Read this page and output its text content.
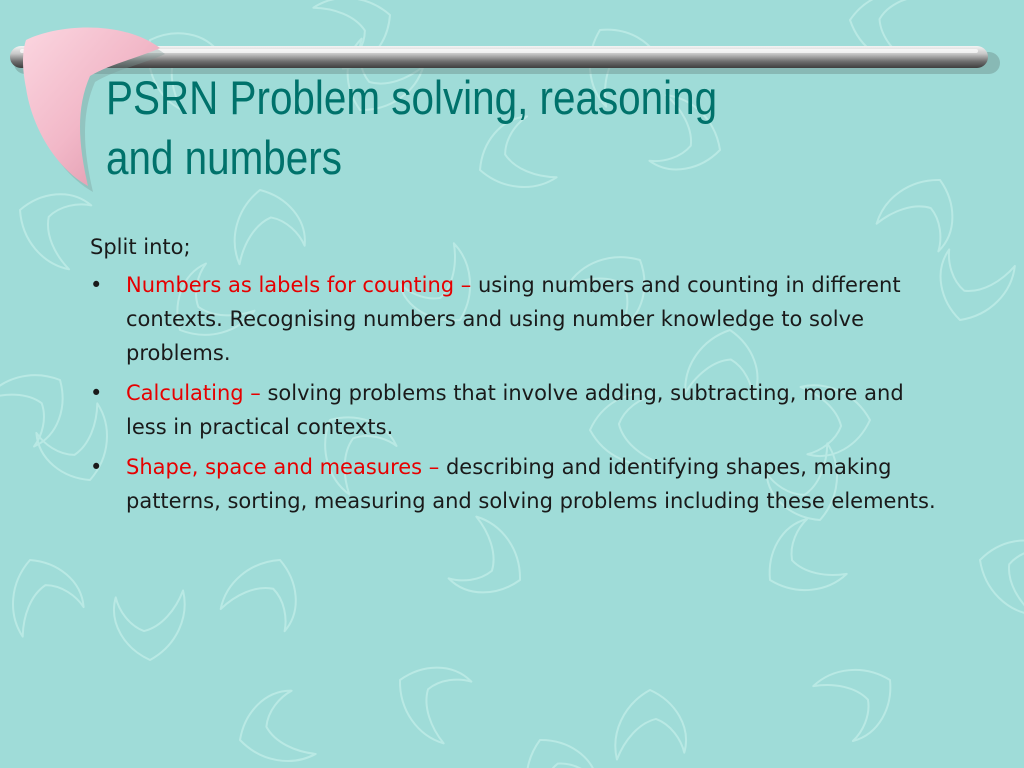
PSRN Problem solving, reasoning
and numbers

Split into;

•	Numbers as labels for counting – using numbers and counting in different contexts. Recognising numbers and using number knowledge to solve problems.
•	Calculating – solving problems that involve adding, subtracting, more and less in practical contexts.
•	Shape, space and measures – describing and identifying shapes, making patterns, sorting, measuring and solving problems including these elements.
